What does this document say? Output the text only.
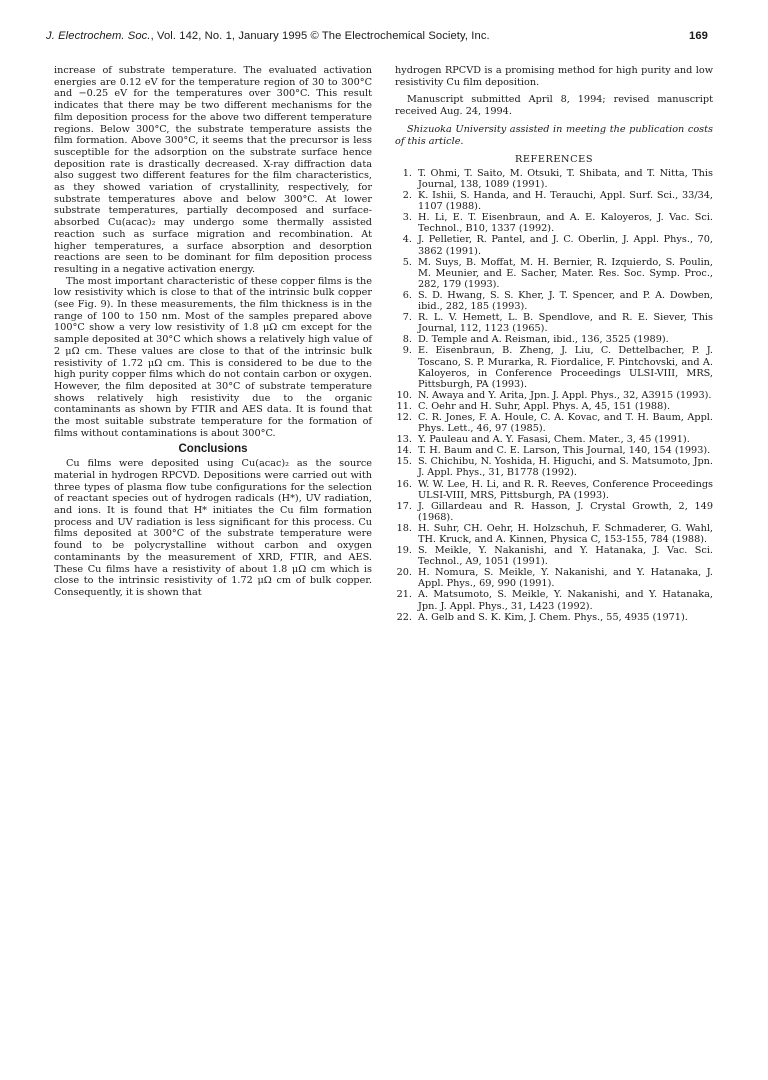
J. Electrochem. Soc., Vol. 142, No. 1, January 1995 © The Electrochemical Society, Inc.	169

increase of substrate temperature. The evaluated activation energies are 0.12 eV for the temperature region of 30 to 300°C and −0.25 eV for the temperatures over 300°C. This result indicates that there may be two different mechanisms for the film deposition process for the above two different temperature regions. Below 300°C, the substrate temperature assists the film formation. Above 300°C, it seems that the precursor is less susceptible for the adsorption on the substrate surface hence deposition rate is drastically decreased. X-ray diffraction data also suggest two different features for the film characteristics, as they showed variation of crystallinity, respectively, for substrate temperatures above and below 300°C. At lower substrate temperatures, partially decomposed and surface-absorbed Cu(acac)₂ may undergo some thermally assisted reaction such as surface migration and recombination. At higher temperatures, a surface absorption and desorption reactions are seen to be dominant for film deposition process resulting in a negative activation energy.

The most important characteristic of these copper films is the low resistivity which is close to that of the intrinsic bulk copper (see Fig. 9). In these measurements, the film thickness is in the range of 100 to 150 nm. Most of the samples prepared above 100°C show a very low resistivity of 1.8 μΩ cm except for the sample deposited at 30°C which shows a relatively high value of 2 μΩ cm. These values are close to that of the intrinsic bulk resistivity of 1.72 μΩ cm. This is considered to be due to the high purity copper films which do not contain carbon or oxygen. However, the film deposited at 30°C of substrate temperature shows relatively high resistivity due to the organic contaminants as shown by FTIR and AES data. It is found that the most suitable substrate temperature for the formation of films without contaminations is about 300°C.

Conclusions

Cu films were deposited using Cu(acac)₂ as the source material in hydrogen RPCVD. Depositions were carried out with three types of plasma flow tube configurations for the selection of reactant species out of hydrogen radicals (H*), UV radiation, and ions. It is found that H* initiates the Cu film formation process and UV radiation is less significant for this process. Cu films deposited at 300°C of the substrate temperature were found to be polycrystalline without carbon and oxygen contaminants by the measurement of XRD, FTIR, and AES. These Cu films have a resistivity of about 1.8 μΩ cm which is close to the intrinsic resistivity of 1.72 μΩ cm of bulk copper. Consequently, it is shown that

hydrogen RPCVD is a promising method for high purity and low resistivity Cu film deposition.

Manuscript submitted April 8, 1994; revised manuscript received Aug. 24, 1994.

Shizuoka University assisted in meeting the publication costs of this article.

REFERENCES
1. T. Ohmi, T. Saito, M. Otsuki, T. Shibata, and T. Nitta, This Journal, 138, 1089 (1991).
2. K. Ishii, S. Handa, and H. Terauchi, Appl. Surf. Sci., 33/34, 1107 (1988).
3. H. Li, E. T. Eisenbraun, and A. E. Kaloyeros, J. Vac. Sci. Technol., B10, 1337 (1992).
4. J. Pelletier, R. Pantel, and J. C. Oberlin, J. Appl. Phys., 70, 3862 (1991).
5. M. Suys, B. Moffat, M. H. Bernier, R. Izquierdo, S. Poulin, M. Meunier, and E. Sacher, Mater. Res. Soc. Symp. Proc., 282, 179 (1993).
6. S. D. Hwang, S. S. Kher, J. T. Spencer, and P. A. Dowben, ibid., 282, 185 (1993).
7. R. L. V. Hemett, L. B. Spendlove, and R. E. Siever, This Journal, 112, 1123 (1965).
8. D. Temple and A. Reisman, ibid., 136, 3525 (1989).
9. E. Eisenbraun, B. Zheng, J. Liu, C. Dettelbacher, P. J. Toscano, S. P. Murarka, R. Fiordalice, F. Pintchovski, and A. Kaloyeros, in Conference Proceedings ULSI-VIII, MRS, Pittsburgh, PA (1993).
10. N. Awaya and Y. Arita, Jpn. J. Appl. Phys., 32, A3915 (1993).
11. C. Oehr and H. Suhr, Appl. Phys. A, 45, 151 (1988).
12. C. R. Jones, F. A. Houle, C. A. Kovac, and T. H. Baum, Appl. Phys. Lett., 46, 97 (1985).
13. Y. Pauleau and A. Y. Fasasi, Chem. Mater., 3, 45 (1991).
14. T. H. Baum and C. E. Larson, This Journal, 140, 154 (1993).
15. S. Chichibu, N. Yoshida, H. Higuchi, and S. Matsumoto, Jpn. J. Appl. Phys., 31, B1778 (1992).
16. W. W. Lee, H. Li, and R. R. Reeves, Conference Proceedings ULSI-VIII, MRS, Pittsburgh, PA (1993).
17. J. Gillardeau and R. Hasson, J. Crystal Growth, 2, 149 (1968).
18. H. Suhr, CH. Oehr, H. Holzschuh, F. Schmaderer, G. Wahl, TH. Kruck, and A. Kinnen, Physica C, 153-155, 784 (1988).
19. S. Meikle, Y. Nakanishi, and Y. Hatanaka, J. Vac. Sci. Technol., A9, 1051 (1991).
20. H. Nomura, S. Meikle, Y. Nakanishi, and Y. Hatanaka, J. Appl. Phys., 69, 990 (1991).
21. A. Matsumoto, S. Meikle, Y. Nakanishi, and Y. Hatanaka, Jpn. J. Appl. Phys., 31, L423 (1992).
22. A. Gelb and S. K. Kim, J. Chem. Phys., 55, 4935 (1971).
